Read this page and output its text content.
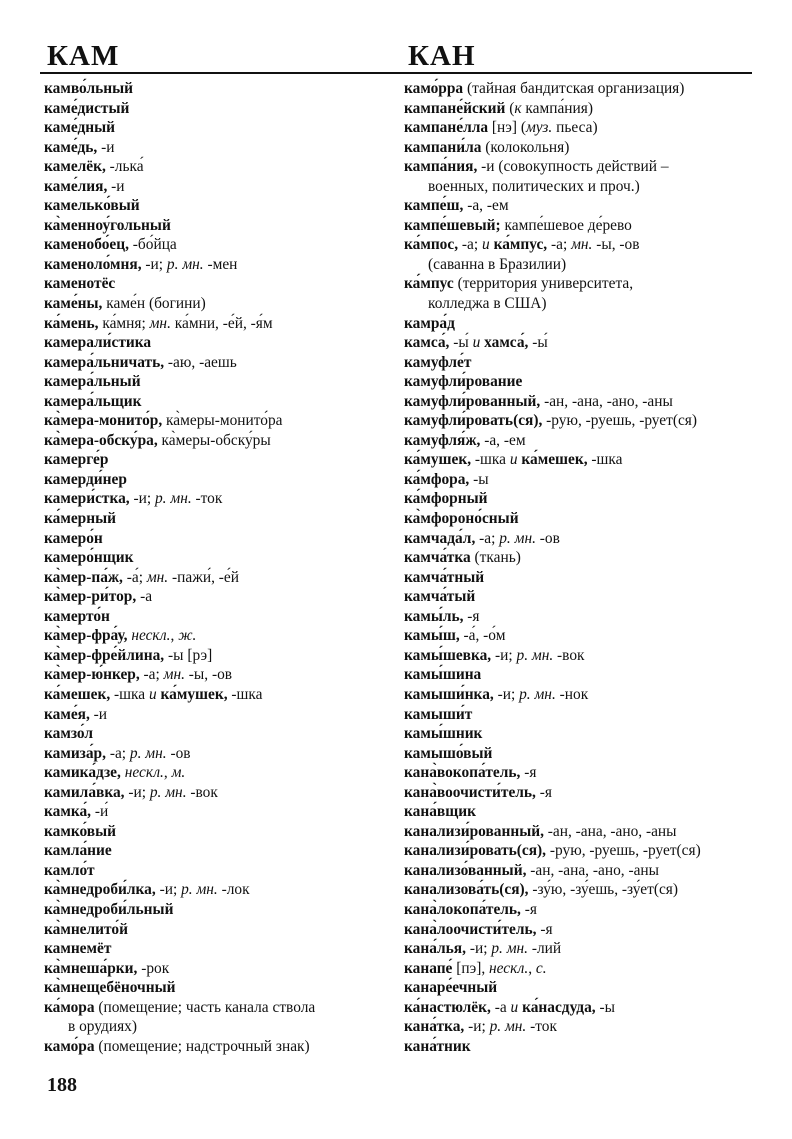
КАМ	КАН
камво́льный
каме́дистый
каме́дный
каме́дь, -и
камелёк, -лька́
каме́лия, -и
камелько́вый
ка̀менноу́гольный
каменобо́ец, -бо́йца
каменоло́мня, -и; р. мн. -мен
каменотёс
каме́ны, каме́н (богини)
ка́мень, ка́мня; мн. ка́мни, -е́й, -я́м
камерали́стика
камера́льничать, -аю, -аешь
камера́льный
камера́льщик
ка̀мера-монито́р, ка̀меры-монито́ра
ка̀мера-обску́ра, ка̀меры-обску́ры
камерге́р
камерди́нер
камери́стка, -и; р. мн. -ток
ка́мерный
камеро́н
камеро́нщик
ка̀мер-па́ж, -а́; мн. -пажи́, -е́й
ка̀мер-ри́тор, -а
камерто́н
ка̀мер-фра́у, нескл., ж.
ка̀мер-фре́йлина, -ы [рэ]
ка̀мер-ю́нкер, -а; мн. -ы, -ов
ка́мешек, -шка и ка́мушек, -шка
каме́я, -и
камзо́л
камиза́р, -а; р. мн. -ов
камика́дзе, нескл., м.
камила́вка, -и; р. мн. -вок
камка́, -и́
камко́вый
камла́ние
камло́т
ка̀мнедроби́лка, -и; р. мн. -лок
ка̀мнедроби́льный
ка̀мнелито́й
камнемёт
ка̀мнеша́рки, -рок
ка̀мнещебёночный
ка́мора (помещение; часть канала ствола
в орудиях)
камо́ра (помещение; надстрочный знак)
камо́рра (тайная бандитская организация)
кампане́йский (к кампа́ния)
кампане́лла [нэ] (муз. пьеса)
кампани́ла (колокольня)
кампа́ния, -и (совокупность действий –
военных, политических и проч.)
кампе́ш, -а, -ем
кампе́шевый; кампе́шевое де́рево
ка́мпос, -а; и ка́мпус, -а; мн. -ы, -ов
(саванна в Бразилии)
ка́мпус (территория университета,
колледжа в США)
камра́д
камса́, -ы́ и хамса́, -ы́
камуфле́т
камуфли́рование
камуфли́рованный, -ан, -ана, -ано, -аны
камуфли́ровать(ся), -рую, -руешь, -рует(ся)
камуфля́ж, -а, -ем
ка́мушек, -шка и ка́мешек, -шка
ка́мфора, -ы
ка́мфорный
ка̀мфороно́сный
камчада́л, -а; р. мн. -ов
камча́тка (ткань)
камча́тный
камча́тый
камы́ль, -я
камы́ш, -а́, -о́м
камы́шевка, -и; р. мн. -вок
камы́шина
камыши́нка, -и; р. мн. -нок
камыши́т
камы́шник
камышо́вый
кана̀вокопа́тель, -я
кана̀воочисти́тель, -я
кана́вщик
канализи́рованный, -ан, -ана, -ано, -аны
канализи́ровать(ся), -рую, -руешь, -рует(ся)
канализо́ванный, -ан, -ана, -ано, -аны
канализова́ть(ся), -зу́ю, -зу́ешь, -зу́ет(ся)
кана̀локопа́тель, -я
кана̀лоочисти́тель, -я
кана́лья, -и; р. мн. -лий
канапе́ [пэ], нескл., с.
канаре́ечный
ка́настюлёк, -а и ка́насдуда, -ы
кана́тка, -и; р. мн. -ток
кана́тник
188
